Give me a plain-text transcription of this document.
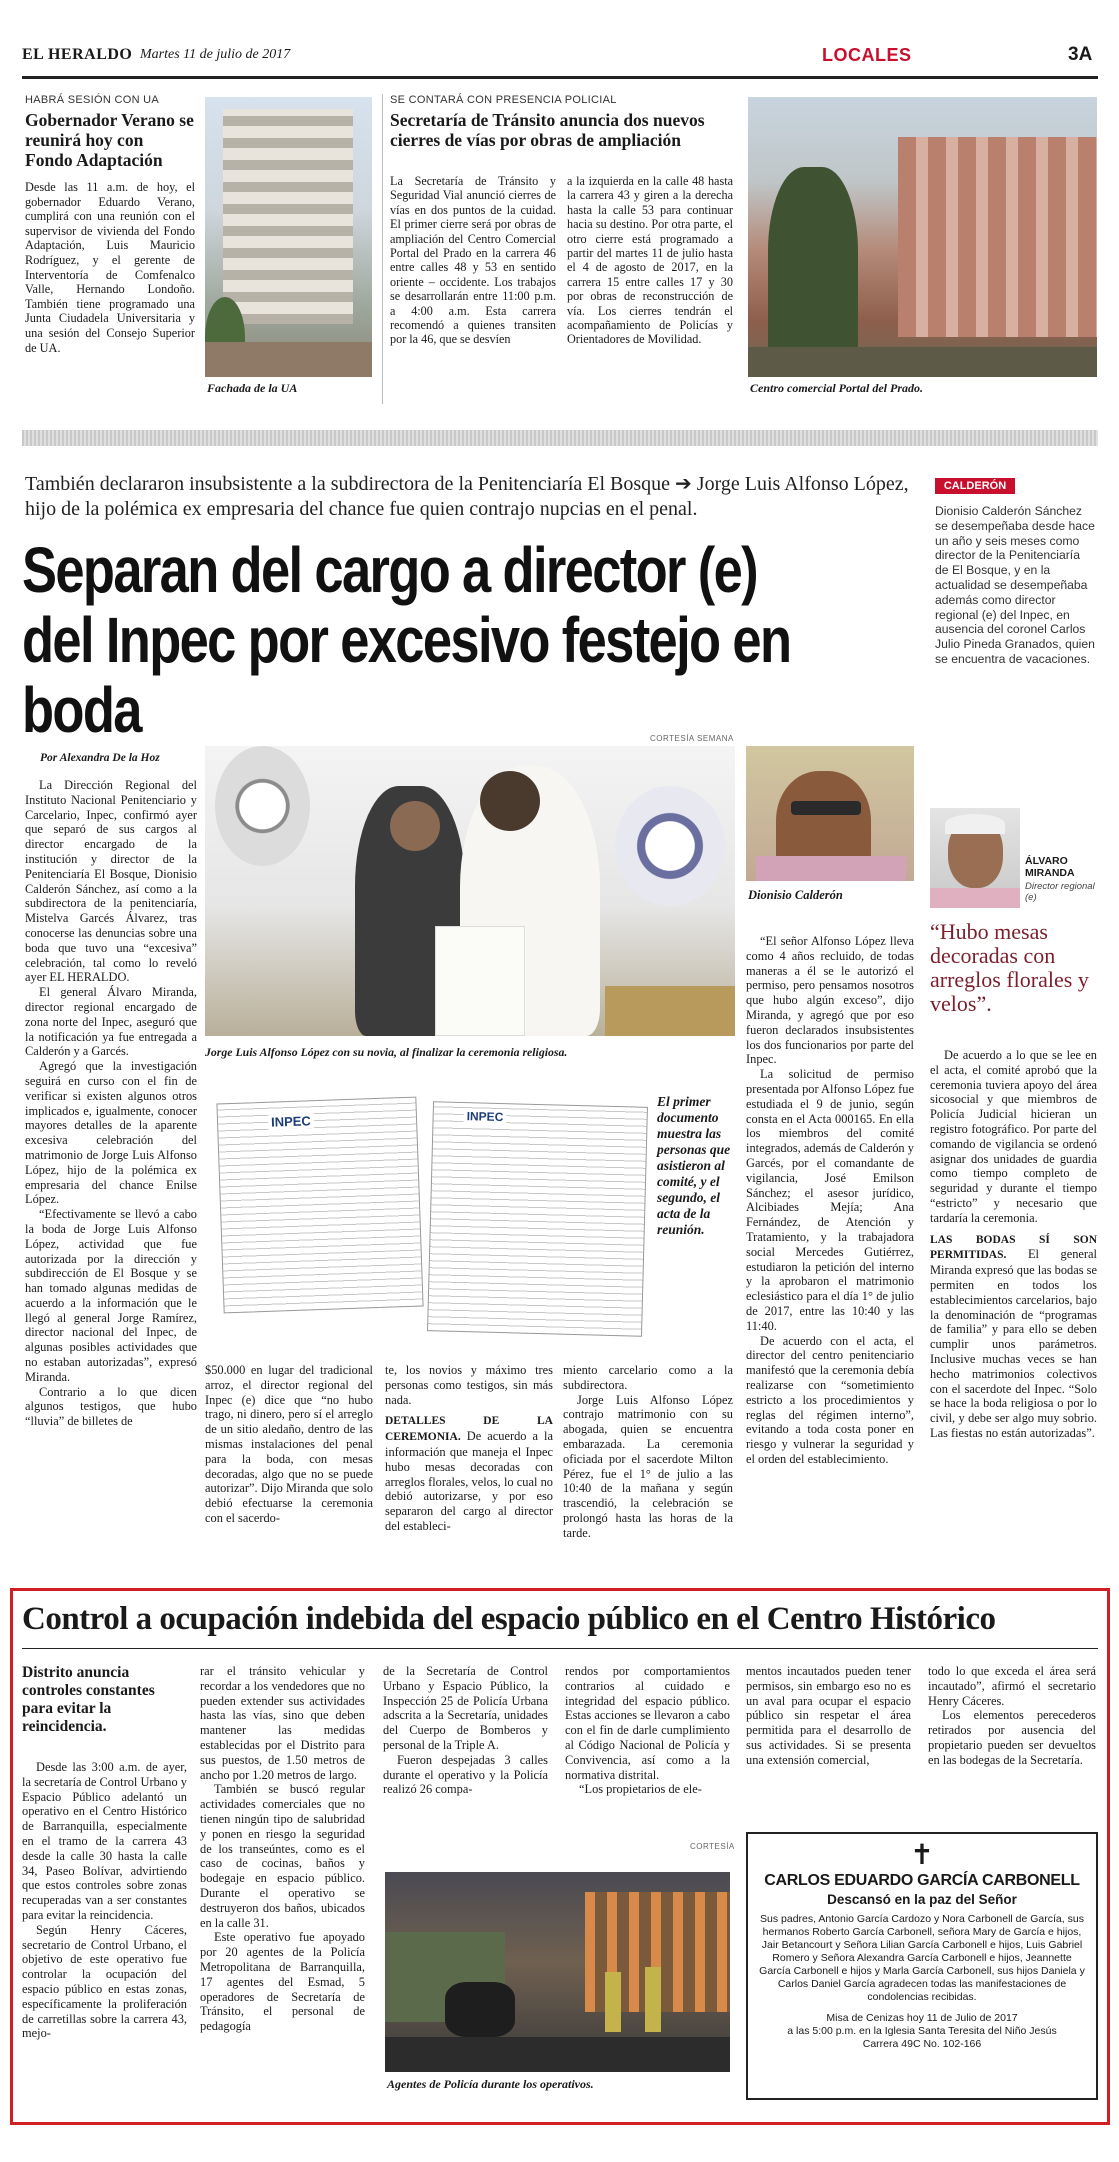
EL HERALDO Martes 11 de julio de 2017	LOCALES	3A
HABRÁ SESIÓN CON UA
Gobernador Verano se reunirá hoy con Fondo Adaptación
Desde las 11 a.m. de hoy, el gobernador Eduardo Verano, cumplirá con una reunión con el supervisor de vivienda del Fondo Adaptación, Luis Mauricio Rodríguez, y el gerente de Interventoría de Comfenalco Valle, Hernando Londoño. También tiene programado una Junta Ciudadela Universitaria y una sesión del Consejo Superior de UA.
Fachada de la UA
SE CONTARÁ CON PRESENCIA POLICIAL
Secretaría de Tránsito anuncia dos nuevos cierres de vías por obras de ampliación
La Secretaría de Tránsito y Seguridad Vial anunció cierres de vías en dos puntos de la cuidad. El primer cierre será por obras de ampliación del Centro Comercial Portal del Prado en la carrera 46 entre calles 48 y 53 en sentido oriente – occidente. Los trabajos se desarrollarán entre 11:00 p.m. a 4:00 a.m. Esta carrera recomendó a quienes transiten por la 46, que se desvíen
a la izquierda en la calle 48 hasta la carrera 43 y giren a la derecha hasta la calle 53 para continuar hacia su destino. Por otra parte, el otro cierre está programado a partir del martes 11 de julio hasta el 4 de agosto de 2017, en la carrera 15 entre calles 17 y 30 por obras de reconstrucción de vía. Los cierres tendrán el acompañamiento de Policías y Orientadores de Movilidad.
Centro comercial Portal del Prado.
También declararon insubsistente a la subdirectora de la Penitenciaría El Bosque ➔ Jorge Luis Alfonso López, hijo de la polémica ex empresaria del chance fue quien contrajo nupcias en el penal.
Separan del cargo a director (e) del Inpec por excesivo festejo en boda
CALDERÓN
Dionisio Calderón Sánchez se desempeñaba desde hace un año y seis meses como director de la Penitenciaría de El Bosque, y en la actualidad se desempeñaba además como director regional (e) del Inpec, en ausencia del coronel Carlos Julio Pineda Granados, quien se encuentra de vacaciones.
Por Alexandra De la Hoz

La Dirección Regional del Instituto Nacional Penitenciario y Carcelario, Inpec, confirmó ayer que separó de sus cargos al director encargado de la institución y director de la Penitenciaría El Bosque, Dionisio Calderón Sánchez, así como a la subdirectora de la penitenciaría, Mistelva Garcés Álvarez, tras conocerse las denuncias sobre una boda que tuvo una “excesiva” celebración, tal como lo reveló ayer EL HERALDO.

El general Álvaro Miranda, director regional encargado de zona norte del Inpec, aseguró que la notificación ya fue entregada a Calderón y a Garcés.

Agregó que la investigación seguirá en curso con el fin de verificar si existen algunos otros implicados e, igualmente, conocer mayores detalles de la aparente excesiva celebración del matrimonio de Jorge Luis Alfonso López, hijo de la polémica ex empresaria del chance Enilse López.

“Efectivamente se llevó a cabo la boda de Jorge Luis Alfonso López, actividad que fue autorizada por la dirección y subdirección de El Bosque y se han tomado algunas medidas de acuerdo a la información que le llegó al general Jorge Ramírez, director nacional del Inpec, de algunas posibles actividades que no estaban autorizadas”, expresó Miranda.

Contrario a lo que dicen algunos testigos, que hubo “lluvia” de billetes de

CORTESÍA SEMANA
Jorge Luis Alfonso López con su novia, al finalizar la ceremonia religiosa.
INPEC	INPEC
El primer documento muestra las personas que asistieron al comité, y el segundo, el acta de la reunión.
$50.000 en lugar del tradicional arroz, el director regional del Inpec (e) dice que “no hubo trago, ni dinero, pero sí el arreglo de un sitio aledaño, dentro de las mismas instalaciones del penal para la boda, con mesas decoradas, algo que no se puede autorizar”. Dijo Miranda que solo debió efectuarse la ceremonia con el sacerdo-

te, los novios y máximo tres personas como testigos, sin más nada.

DETALLES DE LA CEREMONIA. De acuerdo a la información que maneja el Inpec hubo mesas decoradas con arreglos florales, velos, lo cual no debió autorizarse, y por eso separaron del cargo al director del estableci-

miento carcelario como a la subdirectora.

Jorge Luis Alfonso López contrajo matrimonio con su abogada, quien se encuentra embarazada. La ceremonia oficiada por el sacerdote Milton Pérez, fue el 1° de julio a las 10:40 de la mañana y según trascendió, la celebración se prolongó hasta las horas de la tarde.

Dionisio Calderón

“El señor Alfonso López lleva como 4 años recluido, de todas maneras a él se le autorizó el permiso, pero pensamos nosotros que hubo algún exceso”, dijo Miranda, y agregó que por eso fueron declarados insubsistentes los dos funcionarios por parte del Inpec.

La solicitud de permiso presentada por Alfonso López fue estudiada el 9 de junio, según consta en el Acta 000165. En ella los miembros del comité integrados, además de Calderón y Garcés, por el comandante de vigilancia, José Emilson Sánchez; el asesor jurídico, Alcibiades Mejía; Ana Fernández, de Atención y Tratamiento, y la trabajadora social Mercedes Gutiérrez, estudiaron la petición del interno y la aprobaron el matrimonio eclesiástico para el día 1° de julio de 2017, entre las 10:40 y las 11:40.

De acuerdo con el acta, el director del centro penitenciario manifestó que la ceremonia debía realizarse con “sometimiento estricto a los procedimientos y reglas del régimen interno”, evitando a toda costa poner en riesgo y vulnerar la seguridad y el orden del establecimiento.

ÁLVARO MIRANDA
Director regional (e)
“Hubo mesas decoradas con arreglos florales y velos”.

De acuerdo a lo que se lee en el acta, el comité aprobó que la ceremonia tuviera apoyo del área sicosocial y que miembros de Policía Judicial hicieran un registro fotográfico. Por parte del comando de vigilancia se ordenó asignar dos unidades de guardia como tiempo completo de seguridad y durante el tiempo “estricto” y necesario que tardaría la ceremonia.

LAS BODAS SÍ SON PERMITIDAS. El general Miranda expresó que las bodas se permiten en todos los establecimientos carcelarios, bajo la denominación de “programas de familia” y para ello se deben cumplir unos parámetros. Inclusive muchas veces se han hecho matrimonios colectivos con el sacerdote del Inpec. “Solo se hace la boda religiosa o por lo civil, y debe ser algo muy sobrio. Las fiestas no están autorizadas”.

Control a ocupación indebida del espacio público en el Centro Histórico
Distrito anuncia controles constantes para evitar la reincidencia.

Desde las 3:00 a.m. de ayer, la secretaría de Control Urbano y Espacio Público adelantó un operativo en el Centro Histórico de Barranquilla, especialmente en el tramo de la carrera 43 desde la calle 30 hasta la calle 34, Paseo Bolívar, advirtiendo que estos controles sobre zonas recuperadas van a ser constantes para evitar la reincidencia.

Según Henry Cáceres, secretario de Control Urbano, el objetivo de este operativo fue controlar la ocupación del espacio público en estas zonas, específicamente la proliferación de carretillas sobre la carrera 43, mejo-

rar el tránsito vehicular y recordar a los vendedores que no pueden extender sus actividades hasta las vías, sino que deben mantener las medidas establecidas por el Distrito para sus puestos, de 1.50 metros de ancho por 1.20 metros de largo.

También se buscó regular actividades comerciales que no tienen ningún tipo de salubridad y ponen en riesgo la seguridad de los transeúntes, como es el caso de cocinas, baños y bodegaje en espacio público. Durante el operativo se destruyeron dos baños, ubicados en la calle 31.

Este operativo fue apoyado por 20 agentes de la Policía Metropolitana de Barranquilla, 17 agentes del Esmad, 5 operadores de Secretaría de Tránsito, el personal de pedagogía

de la Secretaría de Control Urbano y Espacio Público, la Inspección 25 de Policía Urbana adscrita a la Secretaría, unidades del Cuerpo de Bomberos y personal de la Triple A.

Fueron despejadas 3 calles durante el operativo y la Policía realizó 26 compa-

rendos por comportamientos contrarios al cuidado e integridad del espacio público. Estas acciones se llevaron a cabo con el fin de darle cumplimiento al Código Nacional de Policía y Convivencia, así como a la normativa distrital.

“Los propietarios de ele-

mentos incautados pueden tener permisos, sin embargo eso no es un aval para ocupar el espacio público sin respetar el área permitida para el desarrollo de sus actividades. Si se presenta una extensión comercial,

todo lo que exceda el área será incautado”, afirmó el secretario Henry Cáceres.

Los elementos perecederos retirados por ausencia del propietario pueden ser devueltos en las bodegas de la Secretaría.

CORTESÍA
Agentes de Policía durante los operativos.
✝
CARLOS EDUARDO GARCÍA CARBONELL
Descansó en la paz del Señor
Sus padres, Antonio García Cardozo y Nora Carbonell de García, sus hermanos Roberto García Carbonell, señora Mary de García e hijos, Jair Betancourt y Señora Lilian García Carbonell e hijos, Luis Gabriel Romero y Señora Alexandra García Carbonell e hijos, Jeannette García Carbonell e hijos y Marla García Carbonell, sus hijos Daniela y Carlos Daniel García agradecen todas las manifestaciones de condolencias recibidas.
Misa de Cenizas hoy 11 de Julio de 2017
a las 5:00 p.m. en la Iglesia Santa Teresita del Niño Jesús
Carrera 49C No. 102-166
